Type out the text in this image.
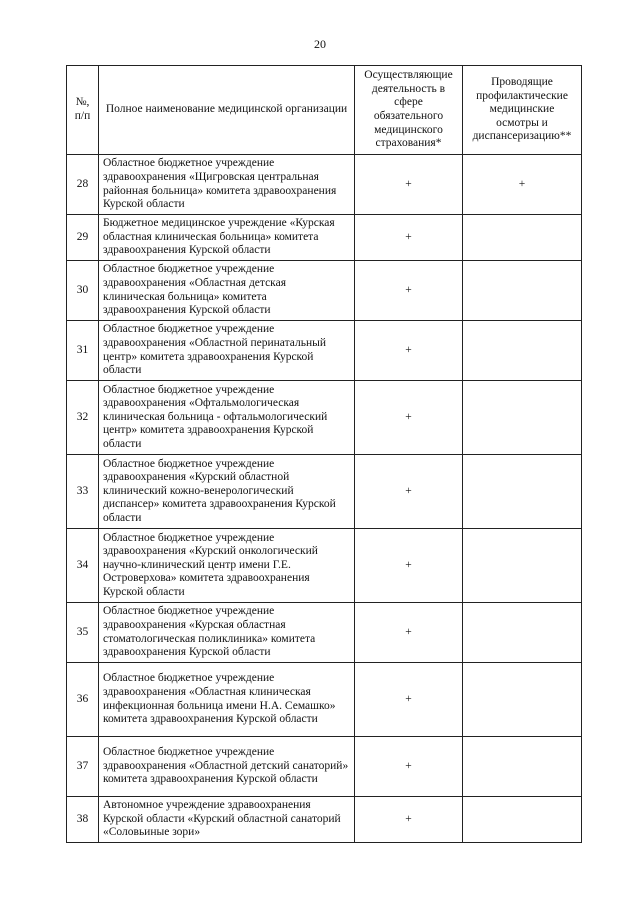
20
№, п/п	Полное наименование медицинской организации	Осуществляющие деятельность в сфере обязательного медицинского страхования*	Проводящие профилактические медицинские осмотры и диспансеризацию**
28	Областное бюджетное учреждение здравоохранения «Щигровская центральная районная больница» комитета здравоохранения Курской области	+	+
29	Бюджетное медицинское учреждение «Курская областная клиническая больница» комитета здравоохранения Курской области	+	
30	Областное бюджетное учреждение здравоохранения «Областная детская клиническая больница» комитета здравоохранения Курской области	+	
31	Областное бюджетное учреждение здравоохранения «Областной перинатальный центр» комитета здравоохранения Курской области	+	
32	Областное бюджетное учреждение здравоохранения «Офтальмологическая клиническая больница - офтальмологический центр» комитета здравоохранения Курской области	+	
33	Областное бюджетное учреждение здравоохранения «Курский областной клинический кожно-венерологический диспансер» комитета здравоохранения Курской области	+	
34	Областное бюджетное учреждение здравоохранения «Курский онкологический научно-клинический центр имени Г.Е. Островерхова» комитета здравоохранения Курской области	+	
35	Областное бюджетное учреждение здравоохранения «Курская областная стоматологическая поликлиника» комитета здравоохранения Курской области	+	
36	Областное бюджетное учреждение здравоохранения «Областная клиническая инфекционная больница имени Н.А. Семашко» комитета здравоохранения Курской области	+	
37	Областное бюджетное учреждение здравоохранения «Областной детский санаторий» комитета здравоохранения Курской области	+	
38	Автономное учреждение здравоохранения Курской области «Курский областной санаторий «Соловьиные зори»	+	
